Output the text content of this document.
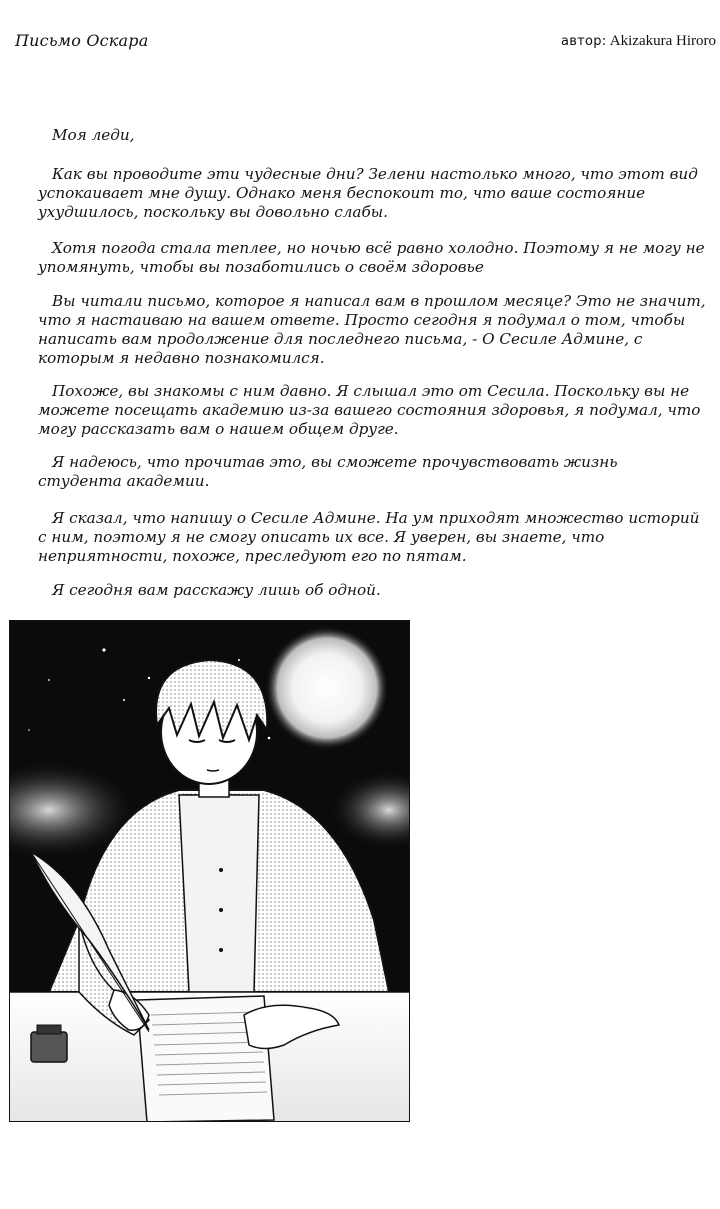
Письмо Оскара	автор: Akizakura Hiroro

Моя леди,

Как вы проводите эти чудесные дни? Зелени настолько много, что этот вид успокаивает мне душу. Однако меня беспокоит то, что ваше состояние ухудшилось, поскольку вы довольно слабы.

Хотя погода стала теплее, но ночью всё равно холодно. Поэтому я не могу не упомянуть, чтобы вы позаботились о своём здоровье

Вы читали письмо, которое я написал вам в прошлом месяце? Это не значит, что я настаиваю на вашем ответе. Просто сегодня я подумал о том, чтобы написать вам продолжение для последнего письма, - О Сесиле Админе, с которым я недавно познакомился.

Похоже, вы знакомы с ним давно. Я слышал это от Сесила. Поскольку вы не можете посещать академию из-за вашего состояния здоровья, я подумал, что могу рассказать вам о нашем общем друге.

Я надеюсь, что прочитав это, вы сможете прочувствовать жизнь студента академии.

Я сказал, что напишу о Сесиле Админе. На ум приходят множество историй с ним, поэтому я не смогу описать их все. Я уверен, вы знаете, что неприятности, похоже, преследуют его по пятам.

Я сегодня вам расскажу лишь об одной.
